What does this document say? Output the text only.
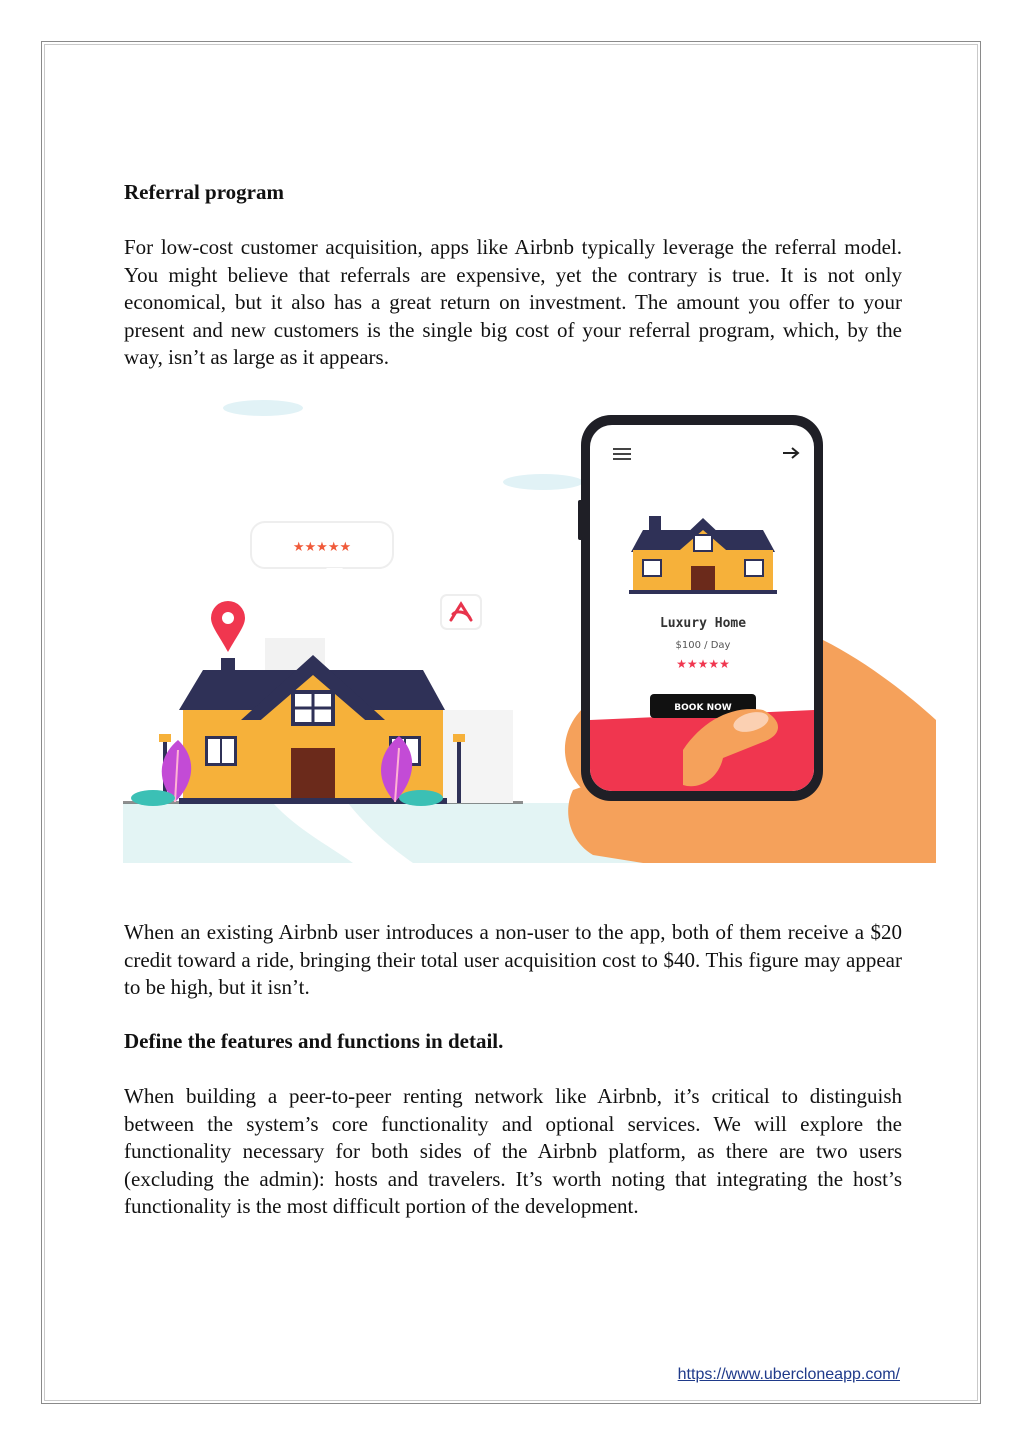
Referral program

For low-cost customer acquisition, apps like Airbnb typically leverage the referral model. You might believe that referrals are expensive, yet the contrary is true. It is not only economical, but it also has a great return on investment. The amount you offer to your present and new customers is the single big cost of your referral program, which, by the way, isn’t as large as it appears.

★★★★★
Luxury Home
$100 / Day
★★★★★
BOOK NOW

When an existing Airbnb user introduces a non-user to the app, both of them receive a $20 credit toward a ride, bringing their total user acquisition cost to $40. This figure may appear to be high, but it isn’t.

Define the features and functions in detail.

When building a peer-to-peer renting network like Airbnb, it’s critical to distinguish between the system’s core functionality and optional services. We will explore the functionality necessary for both sides of the Airbnb platform, as there are two users (excluding the admin): hosts and travelers. It’s worth noting that integrating the host’s functionality is the most difficult portion of the development.

https://www.ubercloneapp.com/
